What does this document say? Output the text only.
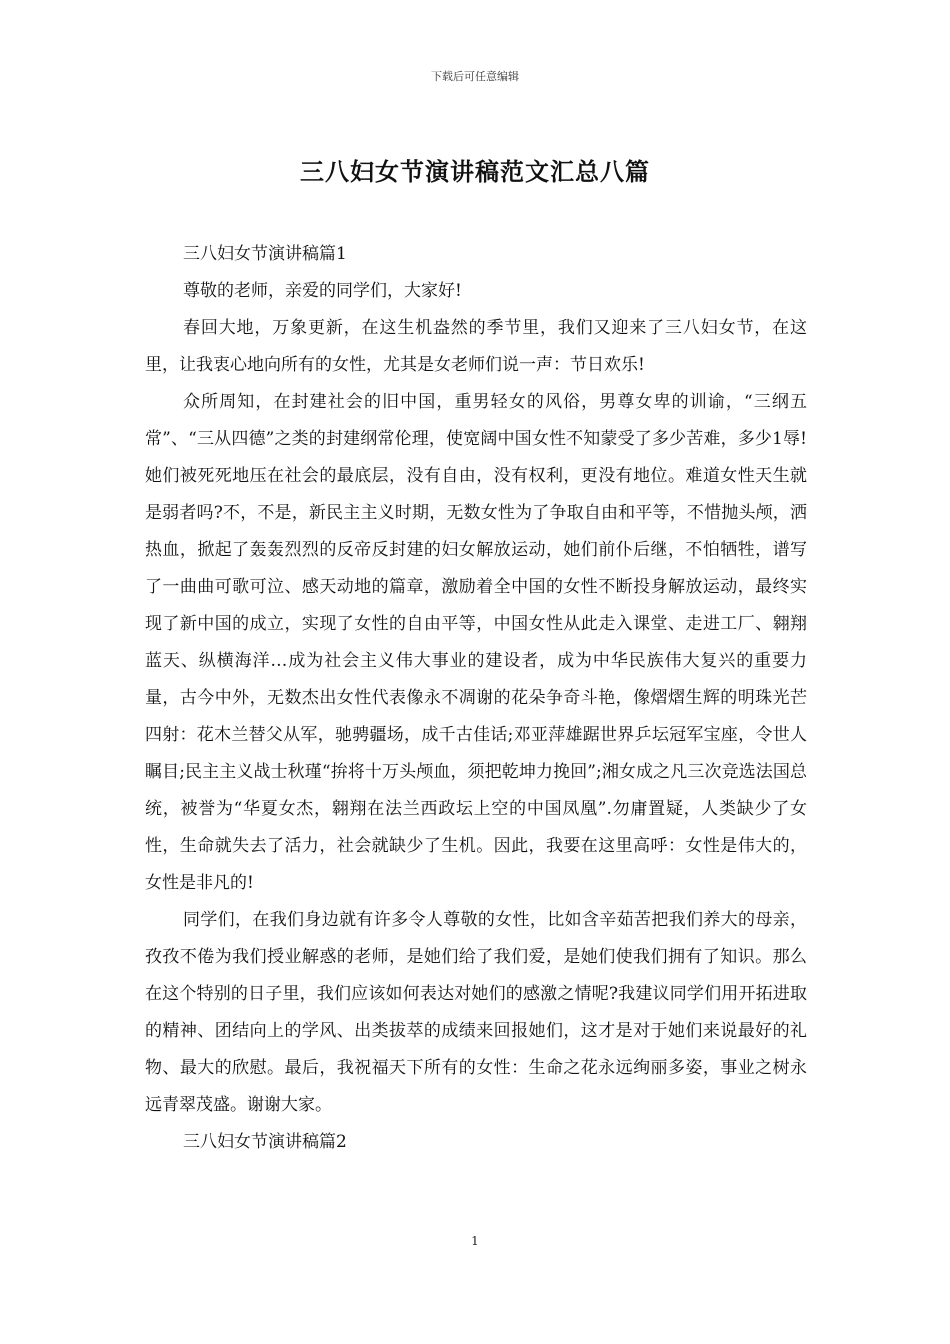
下载后可任意编辑
三八妇女节演讲稿范文汇总八篇

三八妇女节演讲稿篇1

尊敬的老师，亲爱的同学们，大家好!

春回大地，万象更新，在这生机盎然的季节里，我们又迎来了三八妇女节，在这里，让我衷心地向所有的女性，尤其是女老师们说一声：节日欢乐!

众所周知，在封建社会的旧中国，重男轻女的风俗，男尊女卑的训谕，“三纲五常”、“三从四德”之类的封建纲常伦理，使宽阔中国女性不知蒙受了多少苦难，多少1辱!她们被死死地压在社会的最底层，没有自由，没有权利，更没有地位。难道女性天生就是弱者吗?不，不是，新民主主义时期，无数女性为了争取自由和平等，不惜抛头颅，洒热血，掀起了轰轰烈烈的反帝反封建的妇女解放运动，她们前仆后继，不怕牺牲，谱写了一曲曲可歌可泣、感天动地的篇章，激励着全中国的女性不断投身解放运动，最终实现了新中国的成立，实现了女性的自由平等，中国女性从此走入课堂、走进工厂、翱翔蓝天、纵横海洋…成为社会主义伟大事业的建设者，成为中华民族伟大复兴的重要力量，古今中外，无数杰出女性代表像永不凋谢的花朵争奇斗艳，像熠熠生辉的明珠光芒四射：花木兰替父从军，驰骋疆场，成千古佳话;邓亚萍雄踞世界乒坛冠军宝座，令世人瞩目;民主主义战士秋瑾“拚将十万头颅血，须把乾坤力挽回”;湘女成之凡三次竞选法国总统，被誉为“华夏女杰，翱翔在法兰西政坛上空的中国凤凰”.勿庸置疑，人类缺少了女性，生命就失去了活力，社会就缺少了生机。因此，我要在这里高呼：女性是伟大的，女性是非凡的!

同学们，在我们身边就有许多令人尊敬的女性，比如含辛茹苦把我们养大的母亲，孜孜不倦为我们授业解惑的老师，是她们给了我们爱，是她们使我们拥有了知识。那么在这个特别的日子里，我们应该如何表达对她们的感激之情呢?我建议同学们用开拓进取的精神、团结向上的学风、出类拔萃的成绩来回报她们，这才是对于她们来说最好的礼物、最大的欣慰。最后，我祝福天下所有的女性：生命之花永远绚丽多姿，事业之树永远青翠茂盛。谢谢大家。

三八妇女节演讲稿篇2

1
